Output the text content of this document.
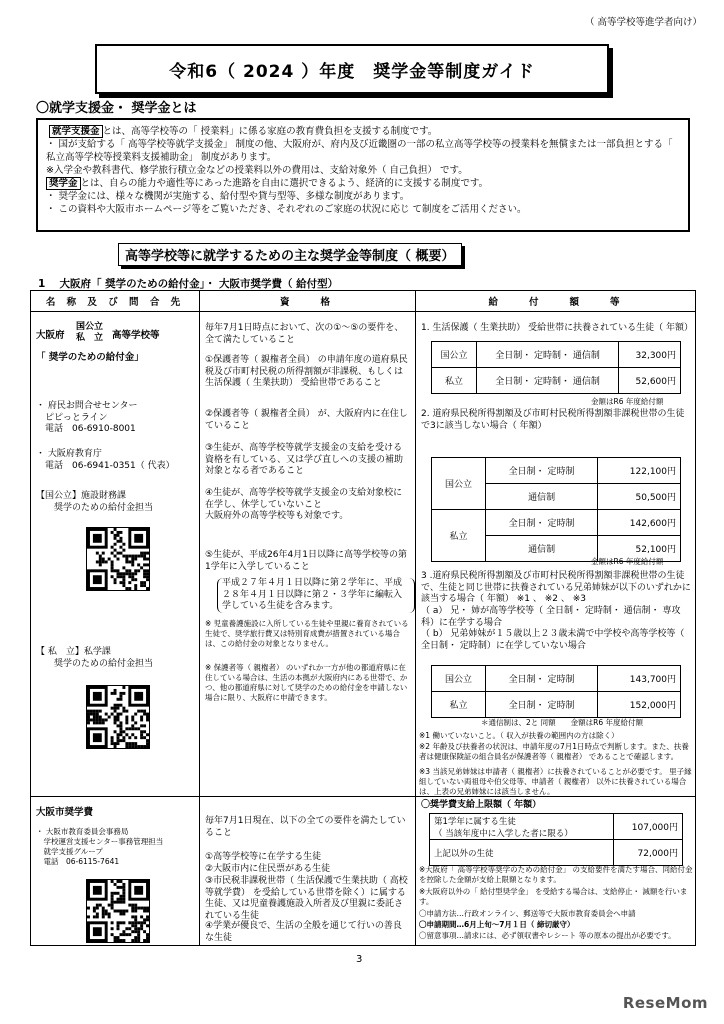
（ 高等学校等進学者向け）
令和6（ 2024 ）年度　奨学金等制度ガイド
〇就学支援金・ 奨学金とは

就学支援金 とは、高等学校等の「 授業料」に係る家庭の教育費負担を支援する制度です。

・ 国が支給する「 高等学校等就学支援金」 制度の他、大阪府が、府内及び近畿圏の一部の私立高等学校等の授業料を無償または一部負担とする「 私立高等学校等授業料支援補助金」 制度があります。

※入学金や教科書代、修学旅行積立金などの授業料以外の費用は、支給対象外（ 自己負担） です。

奨学金 とは、自らの能力や適性等にあった進路を自由に選択できるよう、経済的に支援する制度です。

・ 奨学金には、様々な機関が実施する、給付型や貸与型等、多様な制度があります。

・ この資料や大阪市ホームページ等をご覧いただき、それぞれのご家庭の状況に応じ て制度をご活用ください。

高等学校等に就学するための主な奨学金等制度（ 概要）
1　 大阪府「 奨学のための給付金」・ 大阪市奨学費（ 給付型）
名 称 及 び 問 合 先	資　　格	給　　付　　額　　等
大阪府
国公立
私　立 高等学校等
「 奨学のための給付金」
・ 府民お問合せセンター
　ピピっとライン
　電話　06-6910-8001
・ 大阪府教育庁
　電話　06-6941-0351（ 代表）
【国公立】施設財務課
　　奨学のための給付金担当
【 私　立】私学課
　　奨学のための給付金担当
毎年7月1日時点において、次の①～⑤の要件を、全て満たしていること
①保護者等（ 親権者全員） の申請年度の道府県民税及び市町村民税の所得割額が非課税、もしくは生活保護（ 生業扶助） 受給世帯であること
②保護者等（ 親権者全員） が、大阪府内に在住していること
③生徒が、高等学校等就学支援金の支給を受ける資格を有している、又は学び直しへの支援の補助対象となる者であること
④生徒が、高等学校等就学支援金の支給対象校に在学し、休学していないこと
大阪府外の高等学校等も対象です。
⑤生徒が、平成26年4月1日以降に高等学校等の第1学年に入学していること
平成２７年４月１日以降に第２学年に、平成２８年４月１日以降に第２・３学年に編転入学している生徒を含みます。
※ 児童養護施設に入所している生徒や里親に養育されている生徒で、奨学旅行費又は特別育成費が措置されている場合は、この給付金の対象となりません。
※ 保護者等（ 親権者） のいずれか一方が他の都道府県に在住している場合は、生活の本拠が大阪府内にある世帯で、かつ、他の都道府県に対して奨学のための給付金を申請しない場合に限り、大阪府に申請できます。
1. 生活保護（ 生業扶助） 受給世帯に扶養されている生徒（ 年額）
国公立	全日制・ 定時制・ 通信制	32,300円
私立	全日制・ 定時制・ 通信制	52,600円
金額はR6 年度給付額
2. 道府県民税所得割額及び市町村民税所得割額非課税世帯の生徒で3に該当しない場合（ 年額）
国公立	全日制・ 定時制	122,100円
	通信制	50,500円
私立	全日制・ 定時制	142,600円
	通信制	52,100円
金額はR6 年度給付額
3 .道府県民税所得割額及び市町村民税所得割額非課税世帯の生徒で、生徒と同じ世帯に扶養されている兄弟姉妹が以下のいずれかに該当する場合（ 年額） ※1 、 ※2 、 ※3
（ a） 兄・ 姉が高等学校等（ 全日制・ 定時制・ 通信制・ 専攻科）に在学する場合
（ b） 兄弟姉妹が１５歳以上２３歳未満で中学校や高等学校等（ 全日制・ 定時制）に在学していない場合
国公立	全日制・ 定時制	143,700円
私立	全日制・ 定時制	152,000円
＊通信制は、2と 同額　　金額はR6 年度給付額
※1 働いていないこと。（ 収入が扶養の範囲内の方は除く）
※2 年齢及び扶養者の状況は、申請年度の7月1日時点で判断します。また、扶養者は健康保険証の組合員名が保護者等（ 親権者） であることで確認します。
※3 当該兄弟姉妹は申請者（ 親権者）に扶養されていることが必要です。 里子縁組していない両祖母や伯父母等、申請者（ 親権者） 以外に扶養されている場合は、上表の兄弟姉妹には該当しません。
大阪市奨学費
・ 大阪市教育委員会事務局
　学校運営支援センター事務管理担当
　就学支援グループ
　電話　06-6115-7641
毎年7月1日現在、以下の全ての要件を満たしていること
①高等学校等に在学する生徒
②大阪市内に住民票がある生徒
③市民税非課税世帯（ 生活保護で生業扶助（ 高校等就学費） を受給している世帯を除く）に属する生徒、又は児童養護施設入所者及び里親に委託されている生徒
④学業が優良で、生活の全般を通じて行いの善良な生徒
〇奨学費支給上限額（ 年額）
第1学年に属する生徒
（ 当該年度中に入学した者に限る）	107,000円
上記以外の生徒	72,000円
※大阪府「 高等学校等奨学のための給付金」 の支給要件を満たす場合、同給付金を控除した金額が支給上限額となります。
※大阪府以外の「 給付型奨学金」 を受給する場合は、支給停止・ 減額を行います。
〇申請方法…行政オンライン、郵送等で大阪市教育委員会へ申請
〇申請期間…6月上旬～7月１日（ 締切厳守）
〇留意事項…請求には、必ず領収書やレシート 等の原本の提出が必要です。
3
ReseMom
